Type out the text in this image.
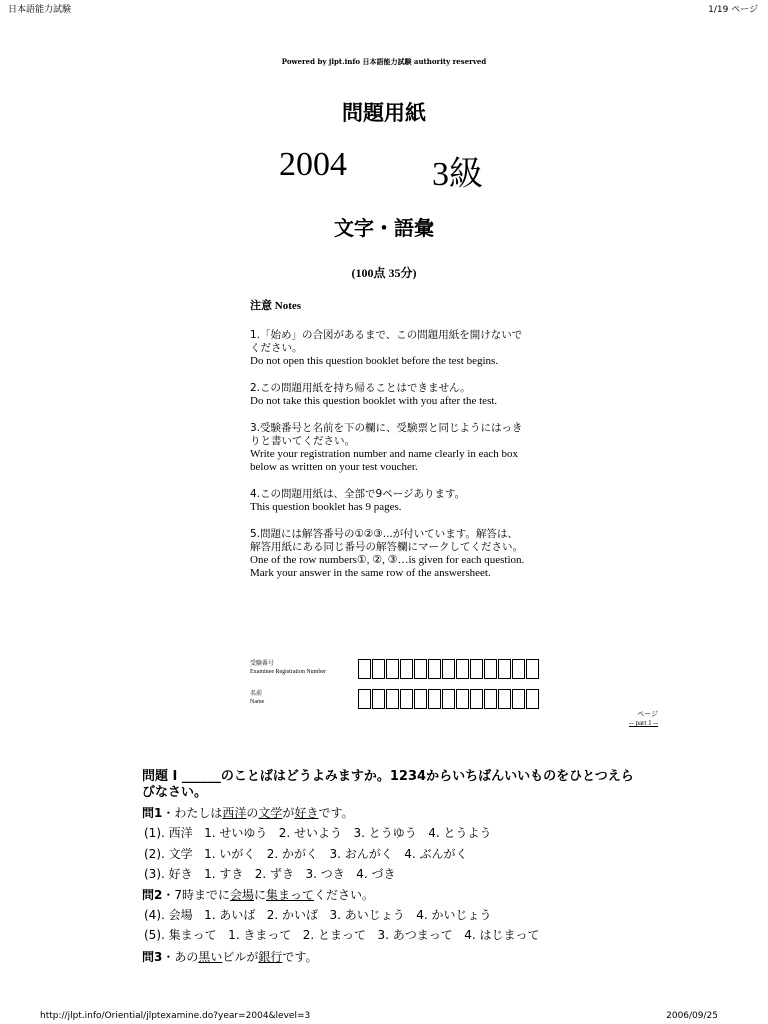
日本語能力試験	1/19 ページ
Powered by jlpt.info 日本語能力試験 authority reserved
問題用紙
2004	3級
文字・語彙
(100点 35分)
注意 Notes
1.「始め」の合図があるまで、この問題用紙を開けないでください。
Do not open this question booklet before the test begins.
2.この問題用紙を持ち帰ることはできません。
Do not take this question booklet with you after the test.
3.受験番号と名前を下の欄に、受験票と同じようにはっきりと書いてください。
Write your registration number and name clearly in each box below as written on your test voucher.
4.この問題用紙は、全部で9ページあります。
This question booklet has 9 pages.
5.問題には解答番号の①②③...が付いています。解答は、解答用紙にある同じ番号の解答欄にマークしてください。
One of the row numbers①, ②, ③…is given for each question. Mark your answer in the same row of the answersheet.
受験番号
Examinee Registration Number
名前
Name
ページ
-- part 1 --
問題 I ______のことばはどうよみますか。1234からいちばんいいものをひとつえらびなさい。
問1・わたしは西洋の文学が好きです。
(1). 西洋   1. せいゆう   2. せいよう   3. とうゆう   4. とうよう
(2). 文学   1. いがく   2. かがく   3. おんがく   4. ぶんがく
(3). 好き   1. すき   2. ずき   3. つき   4. づき
問2・7時までに会場に集まってください。
(4). 会場   1. あいば   2. かいば   3. あいじょう   4. かいじょう
(5). 集まって   1. きまって   2. とまって   3. あつまって   4. はじまって
問3・あの黒いビルが銀行です。
http://jlpt.info/Oriential/jlptexamine.do?year=2004&level=3	2006/09/25
